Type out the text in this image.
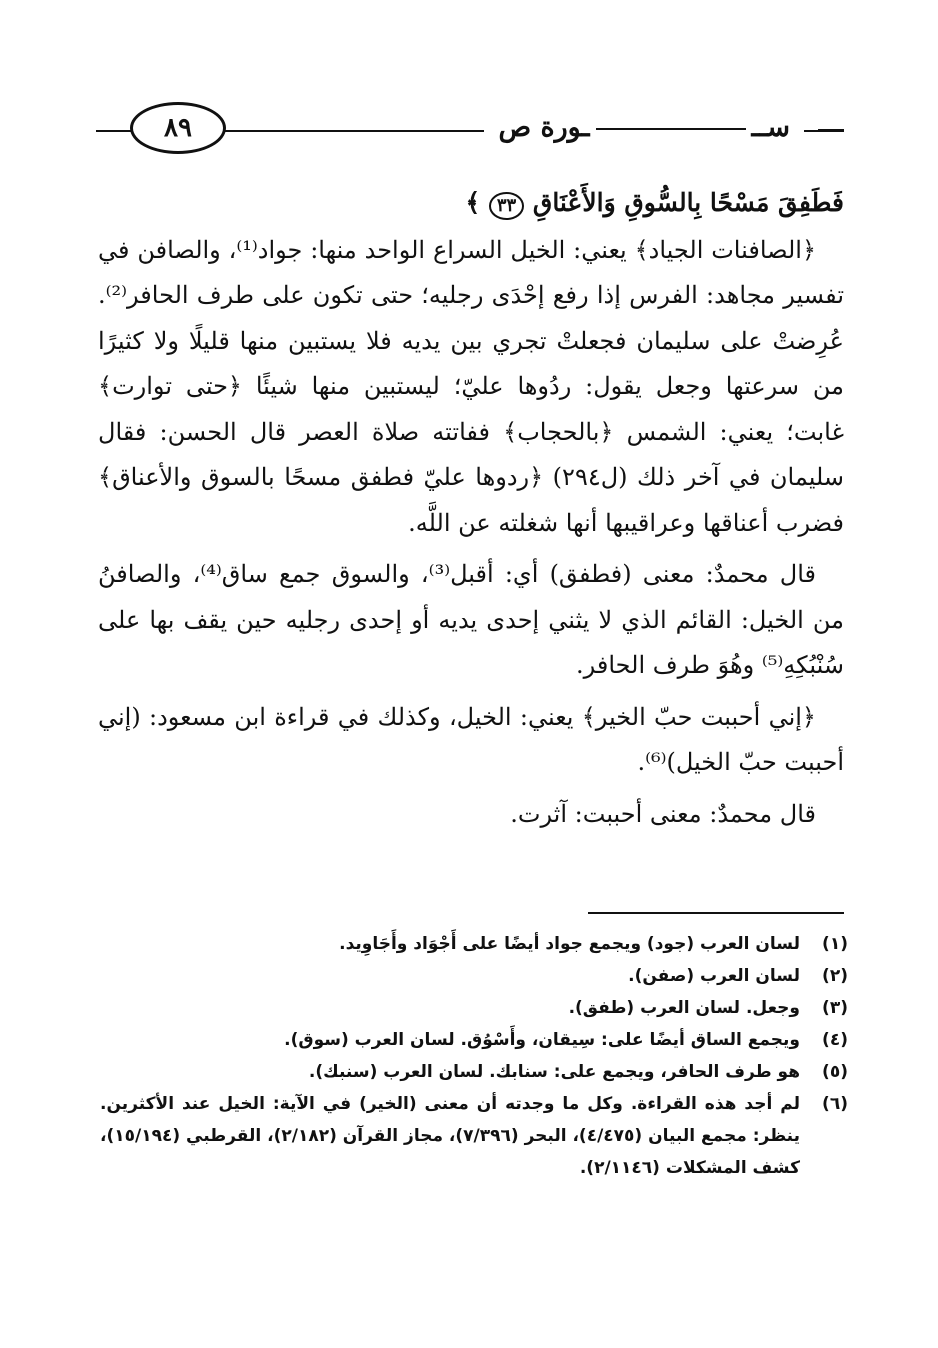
٨٩	ســـورة ص

فَطَفِقَ مَسْحًا بِالسُّوقِ وَالأَعْنَاقِ ٣٣ ﴾

﴿الصافنات الجياد﴾ يعني: الخيل السراع الواحد منها: جواد⁽¹⁾، والصافن في تفسير مجاهد: الفرس إذا رفع إحْدَى رجليه؛ حتى تكون على طرف الحافر⁽²⁾. عُرِضتْ على سليمان فجعلتْ تجري بين يديه فلا يستبين منها قليلًا ولا كثيرًا من سرعتها وجعل يقول: ردُوها عليّ؛ ليستبين منها شيئًا ﴿حتى توارت﴾ غابت؛ يعني: الشمس ﴿بالحجاب﴾ ففاتته صلاة العصر قال الحسن: فقال سليمان في آخر ذلك (ل٢٩٤) ﴿ردوها عليّ فطفق مسحًا بالسوق والأعناق﴾ فضرب أعناقها وعراقيبها أنها شغلته عن اللَّه.

قال محمدٌ: معنى (فطفق) أي: أقبل⁽³⁾، والسوق جمع ساق⁽⁴⁾، والصافنُ من الخيل: القائم الذي لا يثني إحدى يديه أو إحدى رجليه حين يقف بها على سُنْبُكِهِ⁽⁵⁾ وهُوَ طرف الحافر.

﴿إني أحببت حبّ الخير﴾ يعني: الخيل، وكذلك في قراءة ابن مسعود: (إني أحببت حبّ الخيل)⁽⁶⁾.

قال محمدٌ: معنى أحببت: آثرت.

(١)
لسان العرب (جود) ويجمع جواد أيضًا على أَجْوَاد وأَجَاوِيد.
(٢)
لسان العرب (صفن).
(٣)
وجعل. لسان العرب (طفق).
(٤)
ويجمع الساق أيضًا على: سِيقان، وأَسْوُق. لسان العرب (سوق).
(٥)
هو طرف الحافر، ويجمع على: سنابك. لسان العرب (سنبك).
(٦)
لم أجد هذه القراءة. وكل ما وجدته أن معنى (الخير) في الآية: الخيل عند الأكثرين. ينظر: مجمع البيان (٤/٤٧٥)، البحر (٧/٣٩٦)، مجاز القرآن (٢/١٨٢)، القرطبي (١٥/١٩٤)، كشف المشكلات (٢/١١٤٦).
